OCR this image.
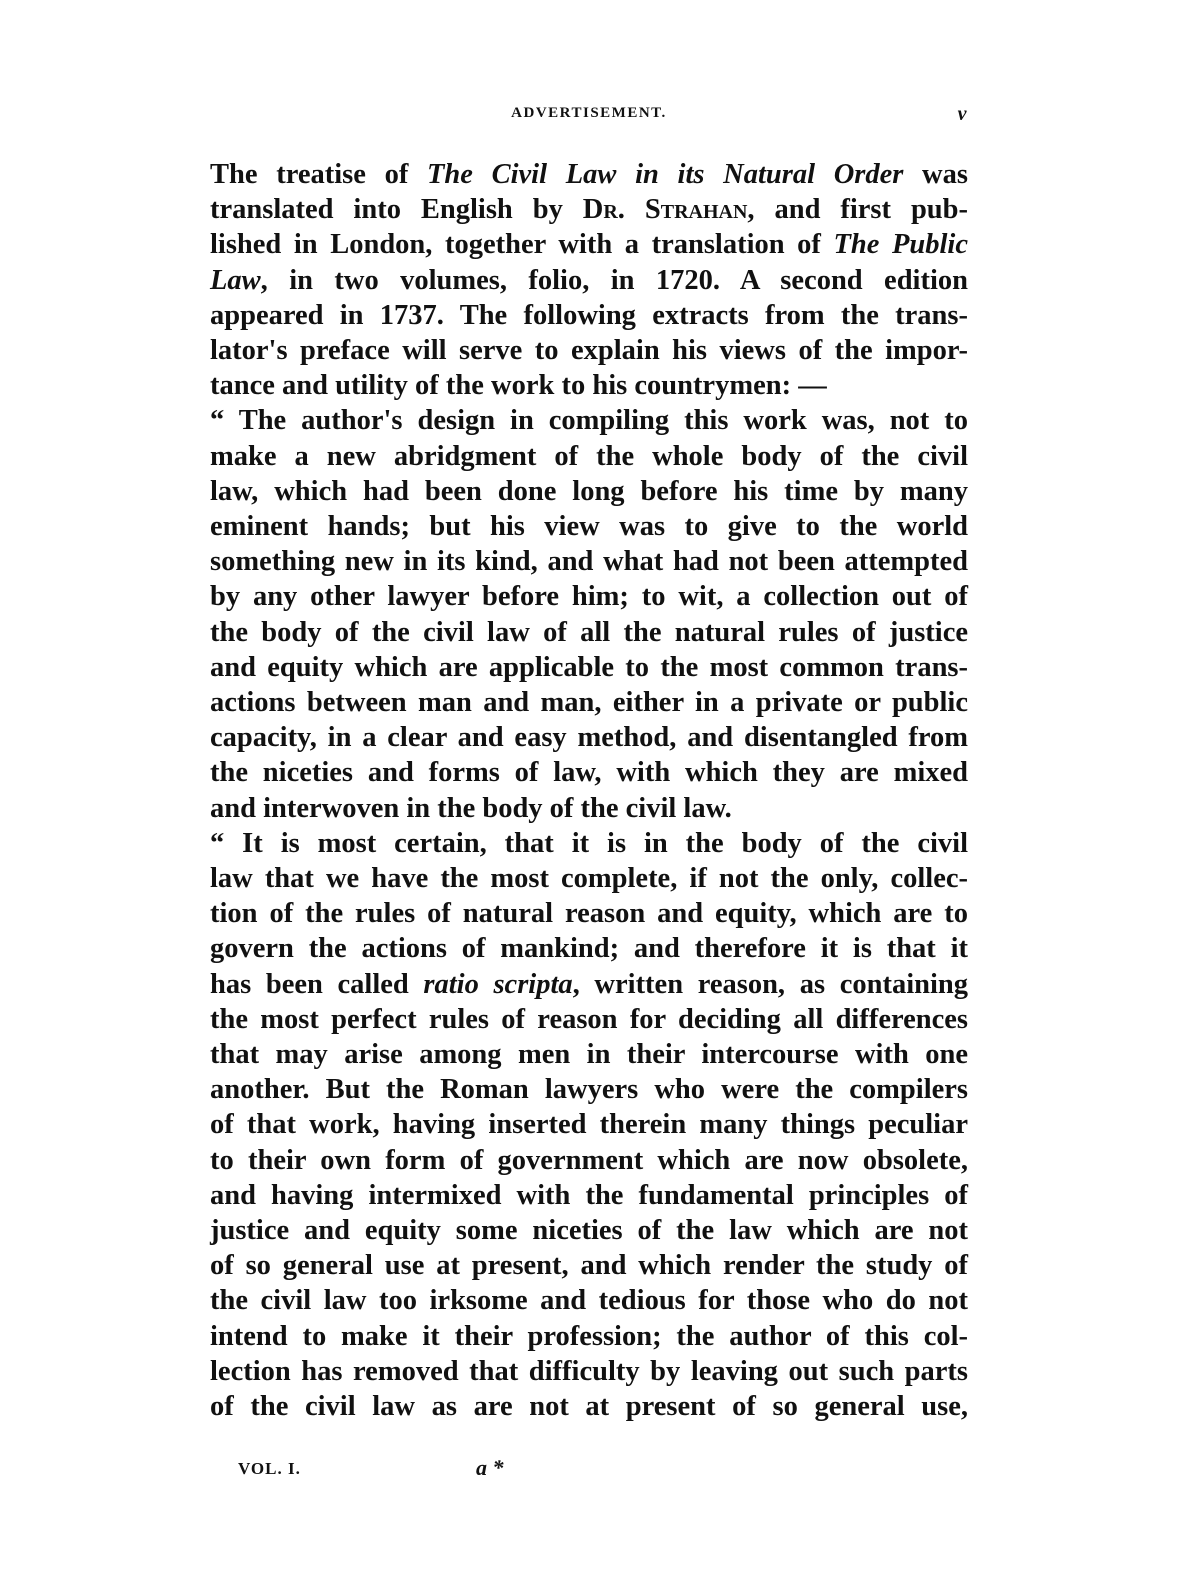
ADVERTISEMENT.	v
The treatise of The Civil Law in its Natural Order was
translated into English by Dr. Strahan, and first pub-
lished in London, together with a translation of The Public
Law, in two volumes, folio, in 1720. A second edition
appeared in 1737. The following extracts from the trans-
lator's preface will serve to explain his views of the impor-
tance and utility of the work to his countrymen: —
“ The author's design in compiling this work was, not to
make a new abridgment of the whole body of the civil
law, which had been done long before his time by many
eminent hands; but his view was to give to the world
something new in its kind, and what had not been attempted
by any other lawyer before him; to wit, a collection out of
the body of the civil law of all the natural rules of justice
and equity which are applicable to the most common trans-
actions between man and man, either in a private or public
capacity, in a clear and easy method, and disentangled from
the niceties and forms of law, with which they are mixed
and interwoven in the body of the civil law.
“ It is most certain, that it is in the body of the civil
law that we have the most complete, if not the only, collec-
tion of the rules of natural reason and equity, which are to
govern the actions of mankind; and therefore it is that it
has been called ratio scripta, written reason, as containing
the most perfect rules of reason for deciding all differences
that may arise among men in their intercourse with one
another. But the Roman lawyers who were the compilers
of that work, having inserted therein many things peculiar
to their own form of government which are now obsolete,
and having intermixed with the fundamental principles of
justice and equity some niceties of the law which are not
of so general use at present, and which render the study of
the civil law too irksome and tedious for those who do not
intend to make it their profession; the author of this col-
lection has removed that difficulty by leaving out such parts
of the civil law as are not at present of so general use,
VOL. I.	a *
